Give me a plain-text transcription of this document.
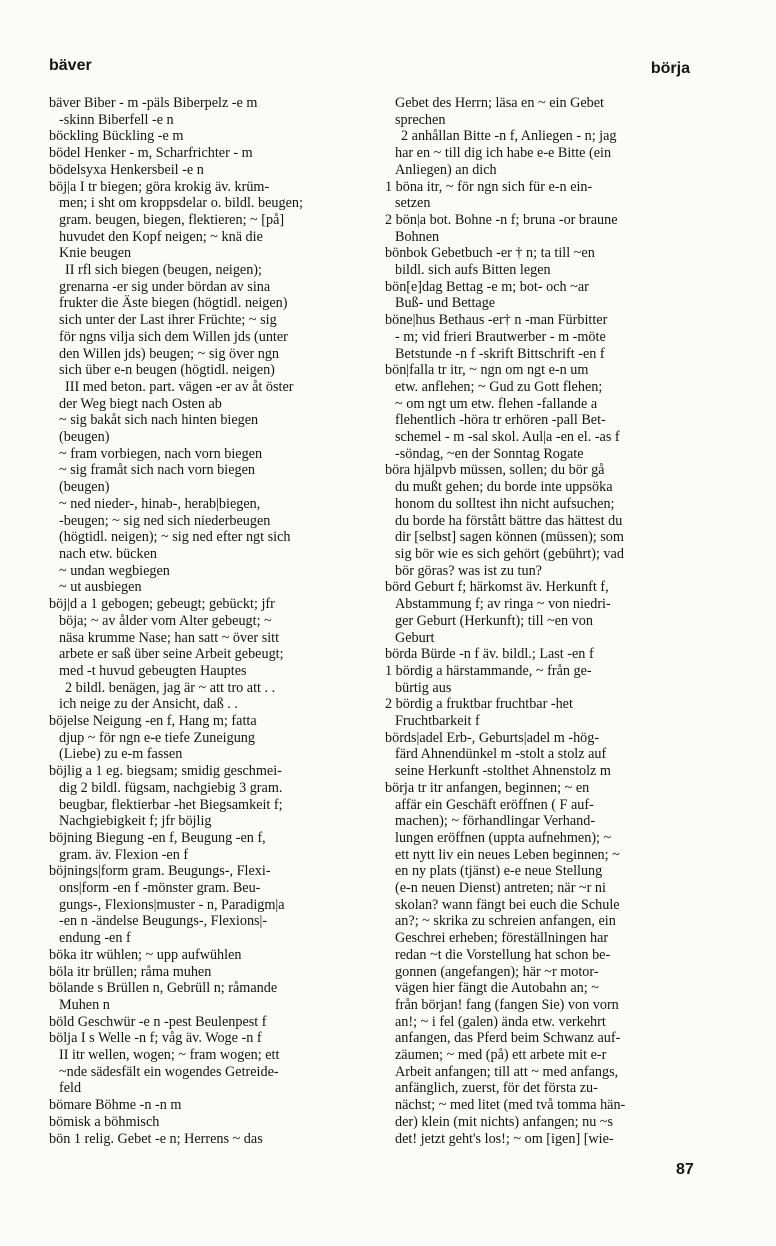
bäver	börja
bäver Biber - m -päls Biberpelz -e m
-skinn Biberfell -e n
böckling Bückling -e m
bödel Henker - m, Scharfrichter - m
bödelsyxa Henkersbeil -e n
böj|a I tr biegen; göra krokig äv. krüm-
men; i sht om kroppsdelar o. bildl. beugen;
gram. beugen, biegen, flektieren; ~ [på]
huvudet den Kopf neigen; ~ knä die
Knie beugen
II rfl sich biegen (beugen, neigen);
grenarna -er sig under bördan av sina
frukter die Äste biegen (högtidl. neigen)
sich unter der Last ihrer Früchte; ~ sig
för ngns vilja sich dem Willen jds (unter
den Willen jds) beugen; ~ sig över ngn
sich über e-n beugen (högtidl. neigen)
III med beton. part. vägen -er av åt öster
der Weg biegt nach Osten ab
~ sig bakåt sich nach hinten biegen
(beugen)
~ fram vorbiegen, nach vorn biegen
~ sig framåt sich nach vorn biegen
(beugen)
~ ned nieder-, hinab-, herab|biegen,
-beugen; ~ sig ned sich niederbeugen
(högtidl. neigen); ~ sig ned efter ngt sich
nach etw. bücken
~ undan wegbiegen
~ ut ausbiegen
böj|d a 1 gebogen; gebeugt; gebückt; jfr
böja; ~ av ålder vom Alter gebeugt; ~
näsa krumme Nase; han satt ~ över sitt
arbete er saß über seine Arbeit gebeugt;
med -t huvud gebeugten Hauptes
2 bildl. benägen, jag är ~ att tro att . .
ich neige zu der Ansicht, daß . .
böjelse Neigung -en f, Hang m; fatta
djup ~ för ngn e-e tiefe Zuneigung
(Liebe) zu e-m fassen
böjlig a 1 eg. biegsam; smidig geschmei-
dig 2 bildl. fügsam, nachgiebig 3 gram.
beugbar, flektierbar -het Biegsamkeit f;
Nachgiebigkeit f; jfr böjlig
böjning Biegung -en f, Beugung -en f,
gram. äv. Flexion -en f
böjnings|form gram. Beugungs-, Flexi-
ons|form -en f -mönster gram. Beu-
gungs-, Flexions|muster - n, Paradigm|a
-en n -ändelse Beugungs-, Flexions|-
endung -en f
böka itr wühlen; ~ upp aufwühlen
böla itr brüllen; råma muhen
bölande s Brüllen n, Gebrüll n; råmande
Muhen n
böld Geschwür -e n -pest Beulenpest f
bölja I s Welle -n f; våg äv. Woge -n f
II itr wellen, wogen; ~ fram wogen; ett
~nde sädesfält ein wogendes Getreide-
feld
bömare Böhme -n -n m
bömisk a böhmisch
bön 1 relig. Gebet -e n; Herrens ~ das
Gebet des Herrn; läsa en ~ ein Gebet
sprechen
2 anhållan Bitte -n f, Anliegen - n; jag
har en ~ till dig ich habe e-e Bitte (ein
Anliegen) an dich
1 böna itr, ~ för ngn sich für e-n ein-
setzen
2 bön|a bot. Bohne -n f; bruna -or braune
Bohnen
bönbok Gebetbuch -er † n; ta till ~en
bildl. sich aufs Bitten legen
bön[e]dag Bettag -e m; bot- och ~ar
Buß- und Bettage
böne|hus Bethaus -er† n -man Fürbitter
- m; vid frieri Brautwerber - m -möte
Betstunde -n f -skrift Bittschrift -en f
bön|falla tr itr, ~ ngn om ngt e-n um
etw. anflehen; ~ Gud zu Gott flehen;
~ om ngt um etw. flehen -fallande a
flehentlich -höra tr erhören -pall Bet-
schemel - m -sal skol. Aul|a -en el. -as f
-söndag, ~en der Sonntag Rogate
böra hjälpvb müssen, sollen; du bör gå
du mußt gehen; du borde inte uppsöka
honom du solltest ihn nicht aufsuchen;
du borde ha förstått bättre das hättest du
dir [selbst] sagen können (müssen); som
sig bör wie es sich gehört (gebührt); vad
bör göras? was ist zu tun?
börd Geburt f; härkomst äv. Herkunft f,
Abstammung f; av ringa ~ von niedri-
ger Geburt (Herkunft); till ~en von
Geburt
börda Bürde -n f äv. bildl.; Last -en f
1 bördig a härstammande, ~ från ge-
bürtig aus
2 bördig a fruktbar fruchtbar -het
Fruchtbarkeit f
börds|adel Erb-, Geburts|adel m -hög-
färd Ahnendünkel m -stolt a stolz auf
seine Herkunft -stolthet Ahnenstolz m
börja tr itr anfangen, beginnen; ~ en
affär ein Geschäft eröffnen ( F auf-
machen); ~ förhandlingar Verhand-
lungen eröffnen (uppta aufnehmen); ~
ett nytt liv ein neues Leben beginnen; ~
en ny plats (tjänst) e-e neue Stellung
(e-n neuen Dienst) antreten; när ~r ni
skolan? wann fängt bei euch die Schule
an?; ~ skrika zu schreien anfangen, ein
Geschrei erheben; föreställningen har
redan ~t die Vorstellung hat schon be-
gonnen (angefangen); här ~r motor-
vägen hier fängt die Autobahn an; ~
från början! fang (fangen Sie) von vorn
an!; ~ i fel (galen) ända etw. verkehrt
anfangen, das Pferd beim Schwanz auf-
zäumen; ~ med (på) ett arbete mit e-r
Arbeit anfangen; till att ~ med anfangs,
anfänglich, zuerst, för det första zu-
nächst; ~ med litet (med två tomma hän-
der) klein (mit nichts) anfangen; nu ~s
det! jetzt geht's los!; ~ om [igen] [wie-
87
